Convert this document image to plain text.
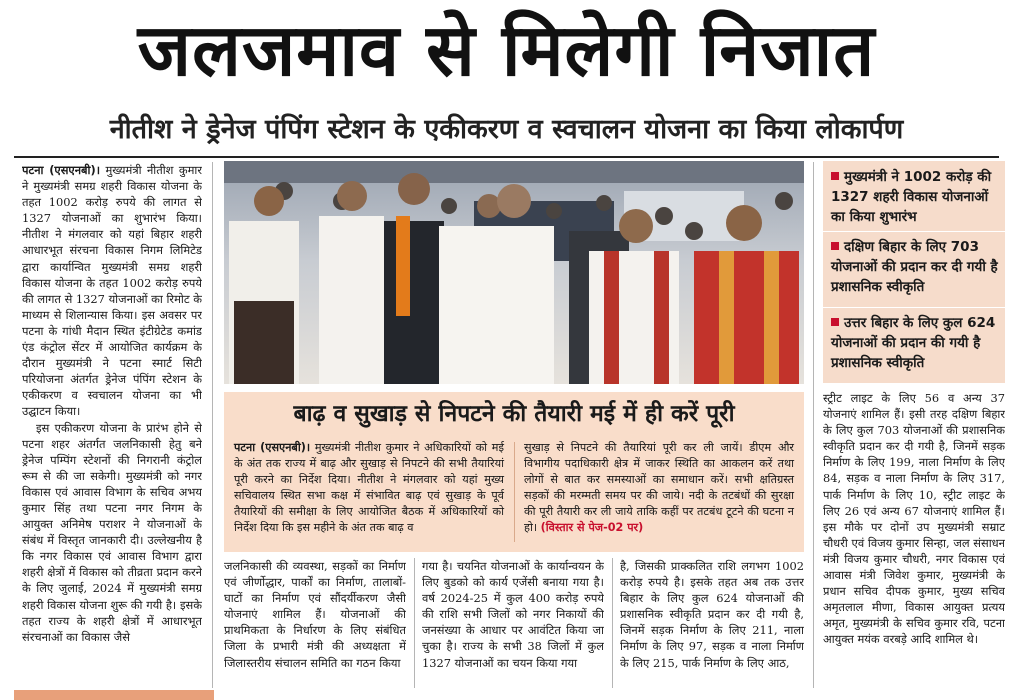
जलजमाव से मिलेगी निजात
नीतीश ने ड्रेनेज पंपिंग स्टेशन के एकीकरण व स्वचालन योजना का किया लोकार्पण

पटना (एसएनबी)। मुख्यमंत्री नीतीश कुमार ने मुख्यमंत्री समग्र शहरी विकास योजना के तहत 1002 करोड़ रुपये की लागत से 1327 योजनाओं का शुभारंभ किया। नीतीश ने मंगलवार को यहां बिहार शहरी आधारभूत संरचना विकास निगम लिमिटेड द्वारा कार्यान्वित मुख्यमंत्री समग्र शहरी विकास योजना के तहत 1002 करोड़ रुपये की लागत से 1327 योजनाओं का रिमोट के माध्यम से शिलान्यास किया। इस अवसर पर पटना के गांधी मैदान स्थित इंटीग्रेटेड कमांड एंड कंट्रोल सेंटर में आयोजित कार्यक्रम के दौरान मुख्यमंत्री ने पटना स्मार्ट सिटी परियोजना अंतर्गत ड्रेनेज पंपिंग स्टेशन के एकीकरण व स्वचालन योजना का भी उद्घाटन किया।

इस एकीकरण योजना के प्रारंभ होने से पटना शहर अंतर्गत जलनिकासी हेतु बने ड्रेनेज पम्पिंग स्टेशनों की निगरानी कंट्रोल रूम से की जा सकेगी। मुख्यमंत्री को नगर विकास एवं आवास विभाग के सचिव अभय कुमार सिंह तथा पटना नगर निगम के आयुक्त अनिमेष पराशर ने योजनाओं के संबंध में विस्तृत जानकारी दी। उल्लेखनीय है कि नगर विकास एवं आवास विभाग द्वारा शहरी क्षेत्रों में विकास को तीव्रता प्रदान करने के लिए जुलाई, 2024 में मुख्यमंत्री समग्र शहरी विकास योजना शुरू की गयी है। इसके तहत राज्य के शहरी क्षेत्रों में आधारभूत संरचनाओं का विकास जैसे

मुख्यमंत्री ने 1002 करोड़ की 1327 शहरी विकास योजनाओं का किया शुभारंभ
दक्षिण बिहार के लिए 703 योजनाओं की प्रदान कर दी गयी है प्रशासनिक स्वीकृति
उत्तर बिहार के लिए कुल 624 योजनाओं की प्रदान की गयी है प्रशासनिक स्वीकृति
बाढ़ व सुखाड़ से निपटने की तैयारी मई में ही करें पूरी
पटना (एसएनबी)। मुख्यमंत्री नीतीश कुमार ने अधिकारियों को मई के अंत तक राज्य में बाढ़ और सुखाड़ से निपटने की सभी तैयारियां पूरी करने का निर्देश दिया। नीतीश ने मंगलवार को यहां मुख्य सचिवालय स्थित सभा कक्ष में संभावित बाढ़ एवं सुखाड़ के पूर्व तैयारियों की समीक्षा के लिए आयोजित बैठक में अधिकारियों को निर्देश दिया कि इस महीने के अंत तक बाढ़ व
सुखाड़ से निपटने की तैयारियां पूरी कर ली जायें। डीएम और विभागीय पदाधिकारी क्षेत्र में जाकर स्थिति का आकलन करें तथा लोगों से बात कर समस्याओं का समाधान करें। सभी क्षतिग्रस्त सड़कों की मरम्मती समय पर की जाये। नदी के तटबंधों की सुरक्षा की पूरी तैयारी कर ली जाये ताकि कहीं पर तटबंध टूटने की घटना न हो। (विस्तार से पेज-02 पर)
जलनिकासी की व्यवस्था, सड़कों का निर्माण एवं जीर्णोद्धार, पार्कों का निर्माण, तालाबों-घाटों का निर्माण एवं सौंदर्यीकरण जैसी योजनाएं शामिल हैं। योजनाओं की प्राथमिकता के निर्धारण के लिए संबंधित जिला के प्रभारी मंत्री की अध्यक्षता में जिलास्तरीय संचालन समिति का गठन किया
गया है। चयनित योजनाओं के कार्यान्वयन के लिए बुडको को कार्य एजेंसी बनाया गया है। वर्ष 2024-25 में कुल 400 करोड़ रुपये की राशि सभी जिलों को नगर निकायों की जनसंख्या के आधार पर आवंटित किया जा चुका है। राज्य के सभी 38 जिलों में कुल 1327 योजनाओं का चयन किया गया
है, जिसकी प्राक्कलित राशि लगभग 1002 करोड़ रुपये है। इसके तहत अब तक उत्तर बिहार के लिए कुल 624 योजनाओं की प्रशासनिक स्वीकृति प्रदान कर दी गयी है, जिनमें सड़क निर्माण के लिए 211, नाला निर्माण के लिए 97, सड़क व नाला निर्माण के लिए 215, पार्क निर्माण के लिए आठ,
स्ट्रीट लाइट के लिए 56 व अन्य 37 योजनाएं शामिल हैं। इसी तरह दक्षिण बिहार के लिए कुल 703 योजनाओं की प्रशासनिक स्वीकृति प्रदान कर दी गयी है, जिनमें सड़क निर्माण के लिए 199, नाला निर्माण के लिए 84, सड़क व नाला निर्माण के लिए 317, पार्क निर्माण के लिए 10, स्ट्रीट लाइट के लिए 26 एवं अन्य 67 योजनाएं शामिल हैं। इस मौके पर दोनों उप मुख्यमंत्री सम्राट चौधरी एवं विजय कुमार सिन्हा, जल संसाधन मंत्री विजय कुमार चौधरी, नगर विकास एवं आवास मंत्री जिवेश कुमार, मुख्यमंत्री के प्रधान सचिव दीपक कुमार, मुख्य सचिव अमृतलाल मीणा, विकास आयुक्त प्रत्यय अमृत, मुख्यमंत्री के सचिव कुमार रवि, पटना आयुक्त मयंक वरबड़े आदि शामिल थे।
